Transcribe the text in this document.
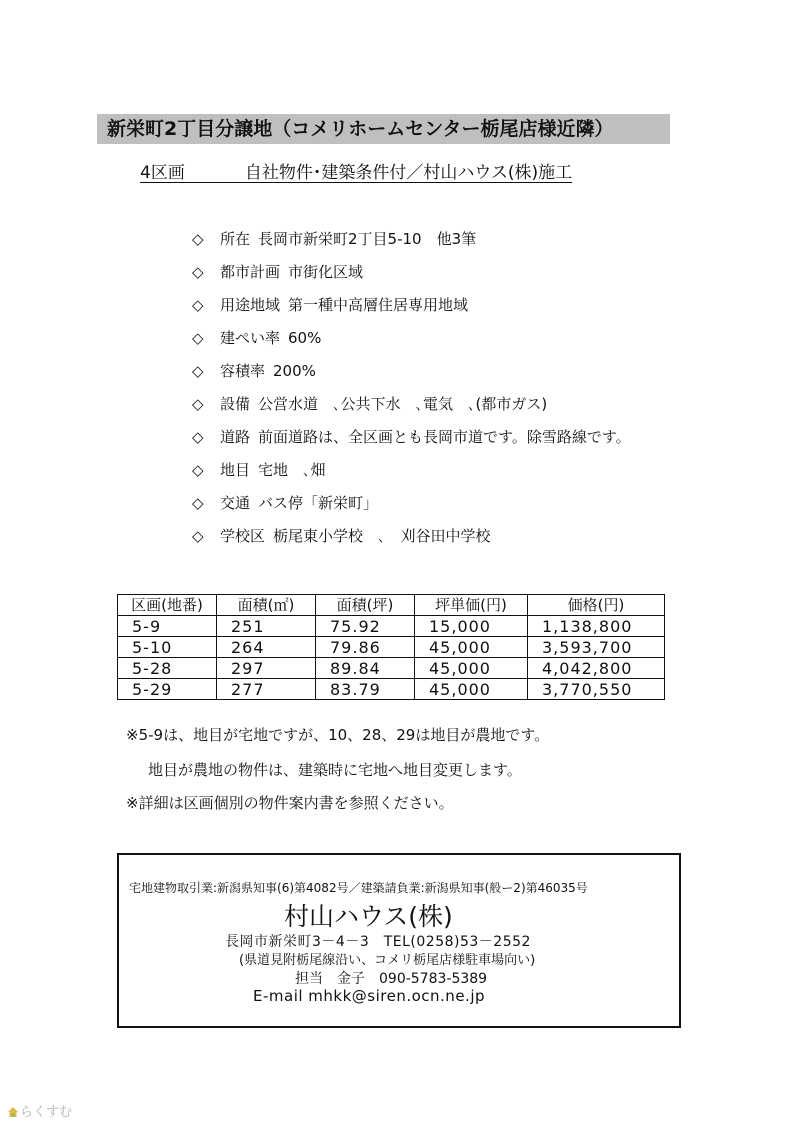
新栄町2丁目分譲地（コメリホームセンター栃尾店様近隣）
4区画	自社物件･建築条件付／村山ハウス(株)施工
◇ 所在 長岡市新栄町2丁目5-10　他3筆
◇ 都市計画 市街化区域
◇ 用途地域 第一種中高層住居専用地域
◇ 建ぺい率 60%
◇ 容積率 200%
◇ 設備 公営水道　､公共下水　､電気　､(都市ガス)
◇ 道路 前面道路は、全区画とも長岡市道です。除雪路線です。
◇ 地目 宅地　､畑
◇ 交通 バス停「新栄町」
◇ 学校区 栃尾東小学校　､　刈谷田中学校
区画(地番)	面積(㎡)	面積(坪)	坪単価(円)	価格(円)
5-9	251	75.92	15,000	1,138,800
5-10	264	79.86	45,000	3,593,700
5-28	297	89.84	45,000	4,042,800
5-29	277	83.79	45,000	3,770,550
※5-9は、地目が宅地ですが、10、28、29は地目が農地です。
地目が農地の物件は、建築時に宅地へ地目変更します。
※詳細は区画個別の物件案内書を参照ください。
宅地建物取引業:新潟県知事(6)第4082号／建築請負業:新潟県知事(般ー2)第46035号
村山ハウス(株)
長岡市新栄町3－4－3　TEL(0258)53－2552
(県道見附栃尾線沿い、コメリ栃尾店様駐車場向い)
担当　金子　090-5783-5389
E-mail mhkk@siren.ocn.ne.jp
らくすむ
